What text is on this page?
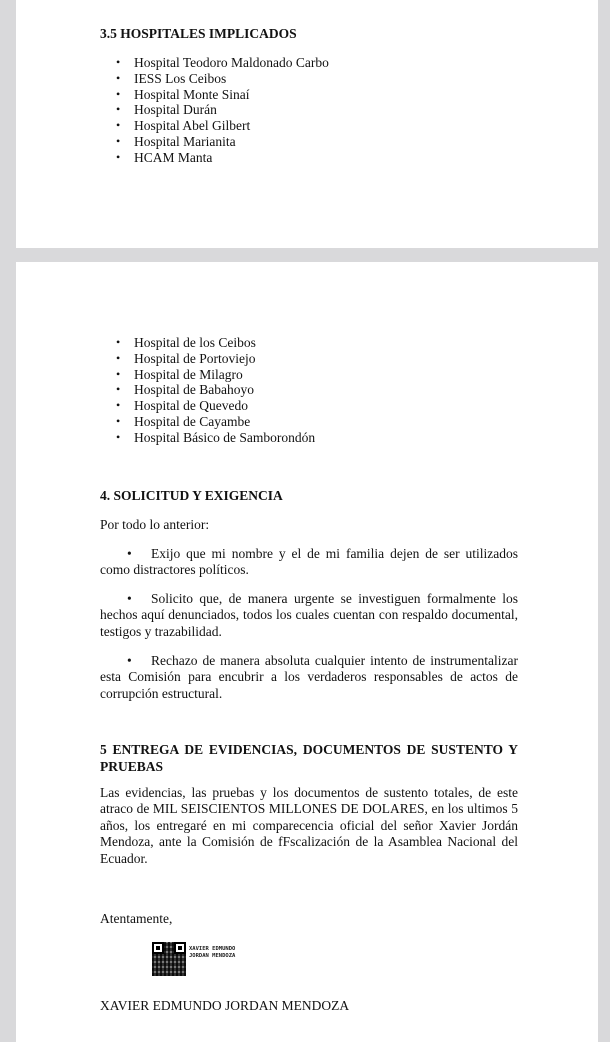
3.5 HOSPITALES IMPLICADOS
• Hospital Teodoro Maldonado Carbo
• IESS Los Ceibos
• Hospital Monte Sinaí
• Hospital Durán
• Hospital Abel Gilbert
• Hospital Marianita
• HCAM Manta
• Hospital de los Ceibos
• Hospital de Portoviejo
• Hospital de Milagro
• Hospital de Babahoyo
• Hospital de Quevedo
• Hospital de Cayambe
• Hospital Básico de Samborondón
4. SOLICITUD Y EXIGENCIA

Por todo lo anterior:

• Exijo que mi nombre y el de mi familia dejen de ser utilizados como distractores políticos.

• Solicito que, de manera urgente se investiguen formalmente los hechos aquí denunciados, todos los cuales cuentan con respaldo documental, testigos y trazabilidad.

• Rechazo de manera absoluta cualquier intento de instrumentalizar esta Comisión para encubrir a los verdaderos responsables de actos de corrupción estructural.

5 ENTREGA DE EVIDENCIAS, DOCUMENTOS DE SUSTENTO Y PRUEBAS

Las evidencias, las pruebas y los documentos de sustento totales, de este atraco de MIL SEISCIENTOS MILLONES DE DOLARES, en los ultimos 5 años, los entregaré en mi comparecencia oficial del señor Xavier Jordán Mendoza, ante la Comisión de fFscalización de la Asamblea Nacional del Ecuador.

Atentamente,

XAVIER EDMUNDO
JORDAN MENDOZA

XAVIER EDMUNDO JORDAN MENDOZA
